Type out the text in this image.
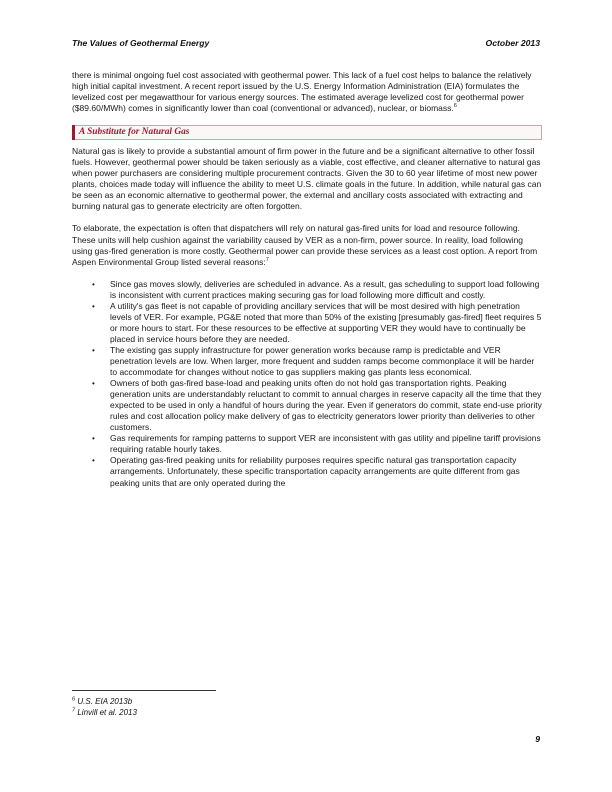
The Values of Geothermal Energy	October 2013

there is minimal ongoing fuel cost associated with geothermal power. This lack of a fuel cost helps to balance the relatively high initial capital investment. A recent report issued by the U.S. Energy Information Administration (EIA) formulates the levelized cost per megawatthour for various energy sources. The estimated average levelized cost for geothermal power ($89.60/MWh) comes in significantly lower than coal (conventional or advanced), nuclear, or biomass.$^6$

A Substitute for Natural Gas

Natural gas is likely to provide a substantial amount of firm power in the future and be a significant alternative to other fossil fuels. However, geothermal power should be taken seriously as a viable, cost effective, and cleaner alternative to natural gas when power purchasers are considering multiple procurement contracts. Given the 30 to 60 year lifetime of most new power plants, choices made today will influence the ability to meet U.S. climate goals in the future. In addition, while natural gas can be seen as an economic alternative to geothermal power, the external and ancillary costs associated with extracting and burning natural gas to generate electricity are often forgotten.

To elaborate, the expectation is often that dispatchers will rely on natural gas-fired units for load and resource following. These units will help cushion against the variability caused by VER as a non-firm, power source. In reality, load following using gas-fired generation is more costly. Geothermal power can provide these services as a least cost option. A report from Aspen Environmental Group listed several reasons:$^7$

• Since gas moves slowly, deliveries are scheduled in advance. As a result, gas scheduling to support load following is inconsistent with current practices making securing gas for load following more difficult and costly.
• A utility's gas fleet is not capable of providing ancillary services that will be most desired with high penetration levels of VER. For example, PG&E noted that more than 50% of the existing [presumably gas-fired] fleet requires 5 or more hours to start. For these resources to be effective at supporting VER they would have to continually be placed in service hours before they are needed.
• The existing gas supply infrastructure for power generation works because ramp is predictable and VER penetration levels are low. When larger, more frequent and sudden ramps become commonplace it will be harder to accommodate for changes without notice to gas suppliers making gas plants less economical.
• Owners of both gas-fired base-load and peaking units often do not hold gas transportation rights. Peaking generation units are understandably reluctant to commit to annual charges in reserve capacity all the time that they expected to be used in only a handful of hours during the year. Even if generators do commit, state end-use priority rules and cost allocation policy make delivery of gas to electricity generators lower priority than deliveries to other customers.
• Gas requirements for ramping patterns to support VER are inconsistent with gas utility and pipeline tariff provisions requiring ratable hourly takes.
• Operating gas-fired peaking units for reliability purposes requires specific natural gas transportation capacity arrangements. Unfortunately, these specific transportation capacity arrangements are quite different from gas peaking units that are only operated during the
$^6$ U.S. EIA 2013b
$^7$ Linvill et al. 2013
9
